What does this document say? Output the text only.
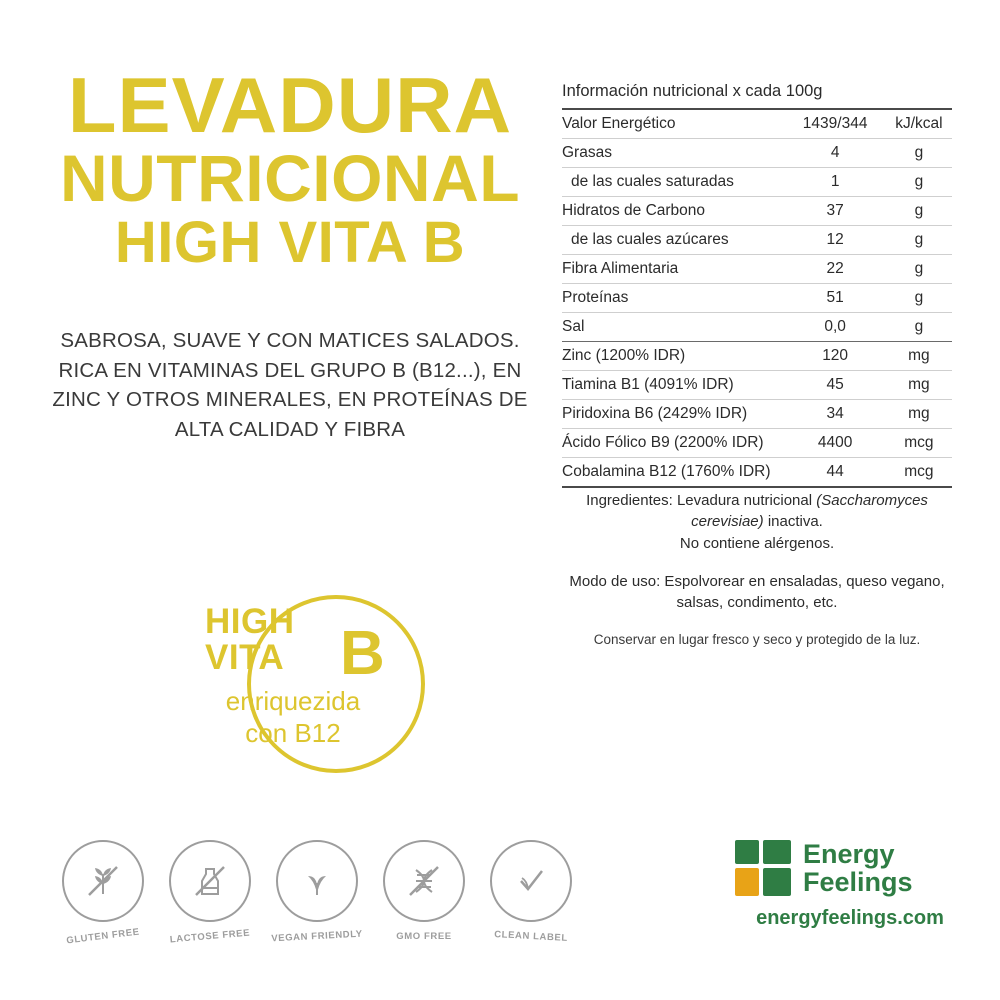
LEVADURA
NUTRICIONAL
HIGH VITA B
SABROSA, SUAVE Y CON MATICES SALADOS. RICA EN VITAMINAS DEL GRUPO B (B12...), EN ZINC Y OTROS MINERALES, EN PROTEÍNAS DE ALTA CALIDAD Y FIBRA
HIGH
VITA B
enriquezida
con B12
GLUTEN FREE	LACTOSE FREE VEGAN FRIENDLY	GMO FREE	CLEAN LABEL
Información nutricional x cada 100g
Valor Energético	1439/344	kJ/kcal
Grasas	4	g
de las cuales saturadas	1	g
Hidratos de Carbono	37	g
de las cuales azúcares	12	g
Fibra Alimentaria	22	g
Proteínas	51	g
Sal	0,0	g
Zinc (1200% IDR)	120	mg
Tiamina B1 (4091% IDR)	45	mg
Piridoxina B6 (2429% IDR)	34	mg
Ácido Fólico B9 (2200% IDR)	4400	mcg
Cobalamina B12 (1760% IDR)	44	mcg

Ingredientes: Levadura nutricional (Saccharomyces cerevisiae) inactiva.
No contiene alérgenos.

Modo de uso: Espolvorear en ensaladas, queso vegano, salsas, condimento, etc.

Conservar en lugar fresco y seco y protegido de la luz.

Energy
Feelings
energyfeelings.com
